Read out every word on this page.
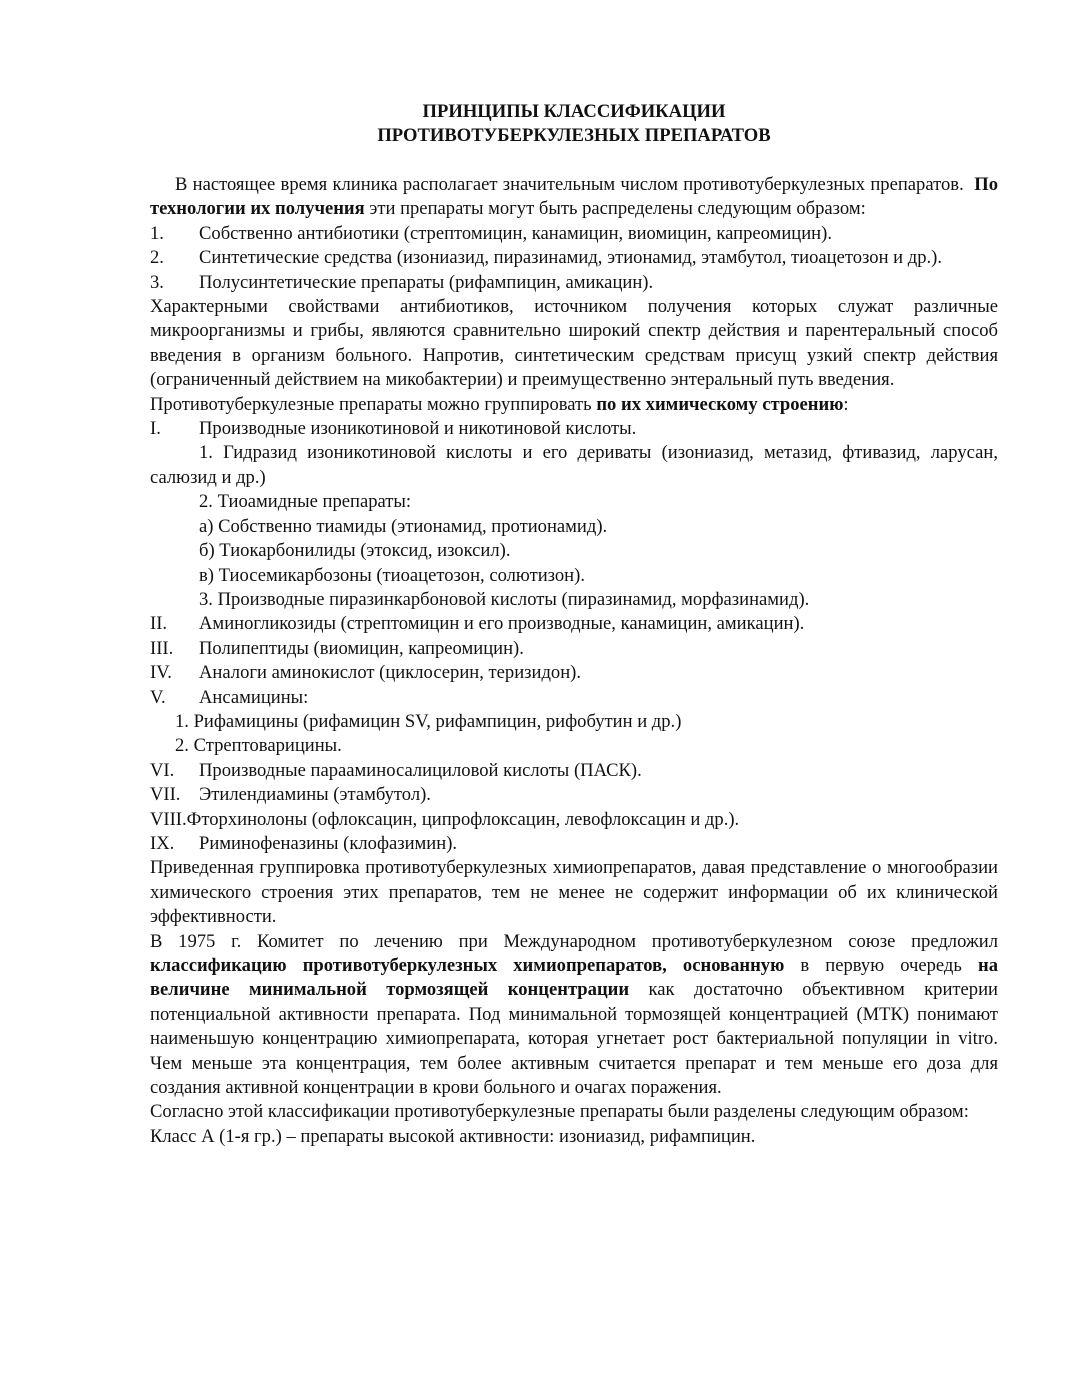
ПРИНЦИПЫ КЛАССИФИКАЦИИ

ПРОТИВОТУБЕРКУЛЕЗНЫХ ПРЕПАРАТОВ

В настоящее время клиника располагает значительным числом противотуберкулезных препаратов. По технологии их получения эти препараты могут быть распределены следующим образом:

1. Собственно антибиотики (стрептомицин, канамицин, виомицин, капреомицин).

2. Синтетические средства (изониазид, пиразинамид, этионамид, этамбутол, тиоацетозон и др.).

3. Полусинтетические препараты (рифампицин, амикацин).

Характерными свойствами антибиотиков, источником получения которых служат различные микроорганизмы и грибы, являются сравнительно широкий спектр действия и парентеральный способ введения в организм больного. Напротив, синтетическим средствам присущ узкий спектр действия (ограниченный действием на микобактерии) и преимущественно энтеральный путь введения.

Противотуберкулезные препараты можно группировать по их химическому строению:

I. Производные изоникотиновой и никотиновой кислоты.

1. Гидразид изоникотиновой кислоты и его дериваты (изониазид, метазид, фтивазид, ларусан, салюзид и др.)

2. Тиоамидные препараты:

а) Собственно тиамиды (этионамид, протионамид).

б) Тиокарбонилиды (этоксид, изоксил).

в) Тиосемикарбозоны (тиоацетозон, солютизон).

3. Производные пиразинкарбоновой кислоты (пиразинамид, морфазинамид).

II. Аминогликозиды (стрептомицин и его производные, канамицин, амикацин).

III. Полипептиды (виомицин, капреомицин).

IV. Аналоги аминокислот (циклосерин, теризидон).

V. Ансамицины:

1. Рифамицины (рифамицин SV, рифампицин, рифобутин и др.)

2. Стрептоварицины.

VI. Производные парааминосалициловой кислоты (ПАСК).

VII. Этилендиамины (этамбутол).

VIII.Фторхинолоны (офлоксацин, ципрофлоксацин, левофлоксацин и др.).

IX. Риминофеназины (клофазимин).

Приведенная группировка противотуберкулезных химиопрепаратов, давая представление о многообразии химического строения этих препаратов, тем не менее не содержит информации об их клинической эффективности.

В 1975 г. Комитет по лечению при Международном противотуберкулезном союзе предложил классификацию противотуберкулезных химиопрепаратов, основанную в первую очередь на величине минимальной тормозящей концентрации как достаточно объективном критерии потенциальной активности препарата. Под минимальной тормозящей концентрацией (МТК) понимают наименьшую концентрацию химиопрепарата, которая угнетает рост бактериальной популяции in vitro. Чем меньше эта концентрация, тем более активным считается препарат и тем меньше его доза для создания активной концентрации в крови больного и очагах поражения.

Согласно этой классификации противотуберкулезные препараты были разделены следующим образом:

Класс А (1-я гр.) – препараты высокой активности: изониазид, рифампицин.
